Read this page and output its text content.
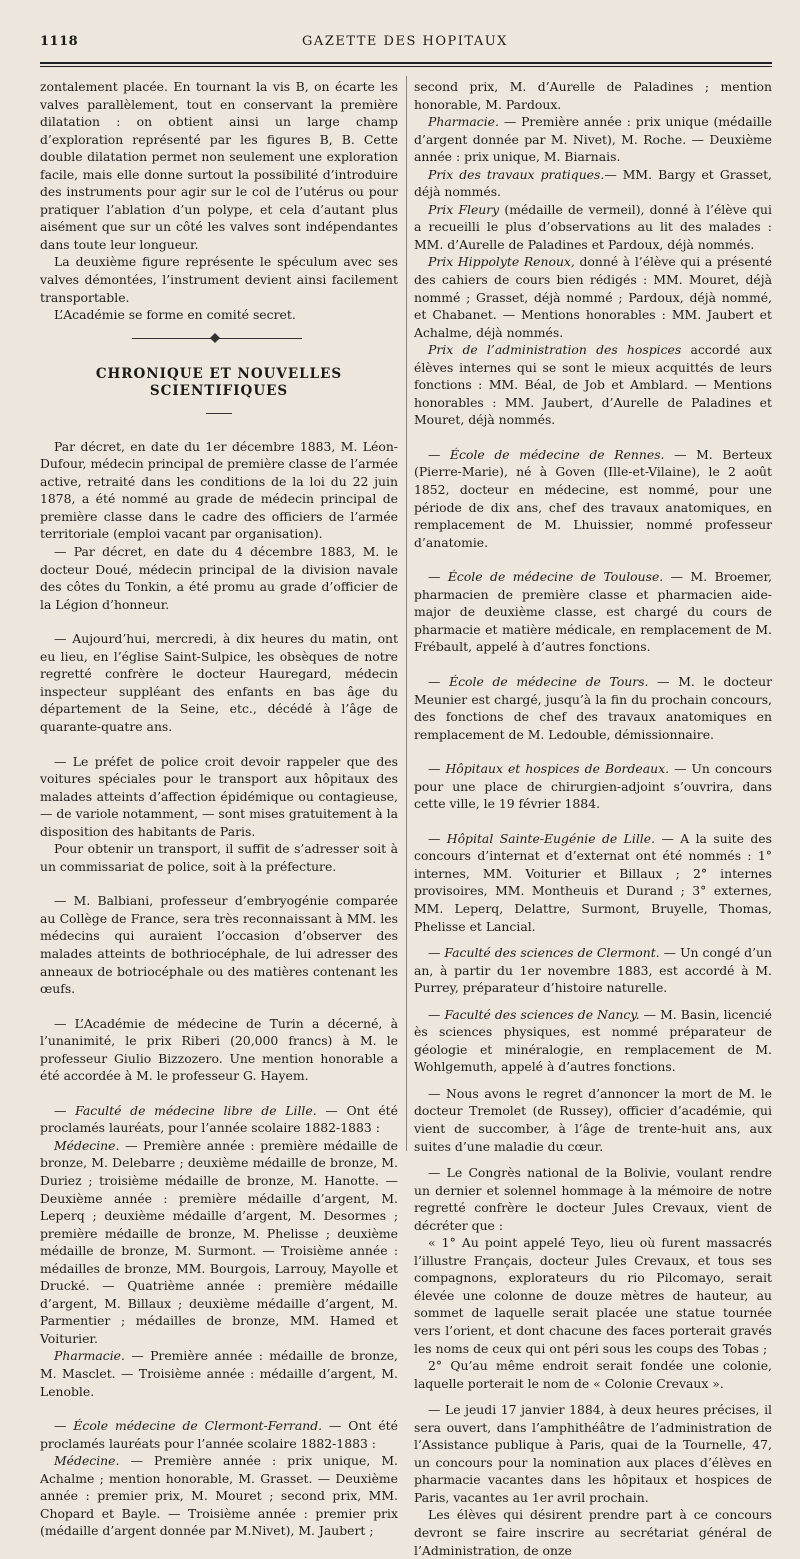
1118	GAZETTE DES HOPITAUX

zontalement placée. En tournant la vis B, on écarte les valves parallèlement, tout en conservant la première dilatation : on obtient ainsi un large champ d’exploration représenté par les figures B, B. Cette double dilatation permet non seulement une exploration facile, mais elle donne surtout la possibilité d’introduire des instruments pour agir sur le col de l’utérus ou pour pratiquer l’ablation d’un polype, et cela d’autant plus aisément que sur un côté les valves sont indépendantes dans toute leur longueur.

La deuxième figure représente le spéculum avec ses valves démontées, l’instrument devient ainsi facilement transportable.

L’Académie se forme en comité secret.

CHRONIQUE ET NOUVELLES SCIENTIFIQUES

Par décret, en date du 1er décembre 1883, M. Léon-Dufour, médecin principal de première classe de l’armée active, retraité dans les conditions de la loi du 22 juin 1878, a été nommé au grade de médecin principal de première classe dans le cadre des officiers de l’armée territoriale (emploi vacant par organisation).

— Par décret, en date du 4 décembre 1883, M. le docteur Doué, médecin principal de la division navale des côtes du Tonkin, a été promu au grade d’officier de la Légion d’honneur.

— Aujourd’hui, mercredi, à dix heures du matin, ont eu lieu, en l’église Saint-Sulpice, les obsèques de notre regretté confrère le docteur Hauregard, médecin inspecteur suppléant des enfants en bas âge du département de la Seine, etc., décédé à l’âge de quarante-quatre ans.

— Le préfet de police croit devoir rappeler que des voitures spéciales pour le transport aux hôpitaux des malades atteints d’affection épidémique ou contagieuse, — de variole notamment, — sont mises gratuitement à la disposition des habitants de Paris.

Pour obtenir un transport, il suffit de s’adresser soit à un commissariat de police, soit à la préfecture.

— M. Balbiani, professeur d’embryogénie comparée au Collège de France, sera très reconnaissant à MM. les médecins qui auraient l’occasion d’observer des malades atteints de bothriocéphale, de lui adresser des anneaux de botriocéphale ou des matières contenant les œufs.

— L’Académie de médecine de Turin a décerné, à l’unanimité, le prix Riberi (20,000 francs) à M. le professeur Giulio Bizzozero. Une mention honorable a été accordée à M. le professeur G. Hayem.

— Faculté de médecine libre de Lille. — Ont été proclamés lauréats, pour l’année scolaire 1882-1883 :

Médecine. — Première année : première médaille de bronze, M. Delebarre ; deuxième médaille de bronze, M. Duriez ; troisième médaille de bronze, M. Hanotte. — Deuxième année : première médaille d’argent, M. Leperq ; deuxième médaille d’argent, M. Desormes ; première médaille de bronze, M. Phelisse ; deuxième médaille de bronze, M. Surmont. — Troisième année : médailles de bronze, MM. Bourgois, Larrouy, Mayolle et Drucké. — Quatrième année : première médaille d’argent, M. Billaux ; deuxième médaille d’argent, M. Parmentier ; médailles de bronze, MM. Hamed et Voiturier.

Pharmacie. — Première année : médaille de bronze, M. Masclet. — Troisième année : médaille d’argent, M. Lenoble.

— École médecine de Clermont-Ferrand. — Ont été proclamés lauréats pour l’année scolaire 1882-1883 :

Médecine. — Première année : prix unique, M. Achalme ; mention honorable, M. Grasset. — Deuxième année : premier prix, M. Mouret ; second prix, MM. Chopard et Bayle. — Troisième année : premier prix (médaille d’argent donnée par M.Nivet), M. Jaubert ;

second prix, M. d’Aurelle de Paladines ; mention honorable, M. Pardoux.

Pharmacie. — Première année : prix unique (médaille d’argent donnée par M. Nivet), M. Roche. — Deuxième année : prix unique, M. Biarnais.

Prix des travaux pratiques.— MM. Bargy et Grasset, déjà nommés.

Prix Fleury (médaille de vermeil), donné à l’élève qui a recueilli le plus d’observations au lit des malades : MM. d’Aurelle de Paladines et Pardoux, déjà nommés.

Prix Hippolyte Renoux, donné à l’élève qui a présenté des cahiers de cours bien rédigés : MM. Mouret, déjà nommé ; Grasset, déjà nommé ; Pardoux, déjà nommé, et Chabanet. — Mentions honorables : MM. Jaubert et Achalme, déjà nommés.

Prix de l’administration des hospices accordé aux élèves internes qui se sont le mieux acquittés de leurs fonctions : MM. Béal, de Job et Amblard. — Mentions honorables : MM. Jaubert, d’Aurelle de Paladines et Mouret, déjà nommés.

— École de médecine de Rennes. — M. Berteux (Pierre-Marie), né à Goven (Ille-et-Vilaine), le 2 août 1852, docteur en médecine, est nommé, pour une période de dix ans, chef des travaux anatomiques, en remplacement de M. Lhuissier, nommé professeur d’anatomie.

— École de médecine de Toulouse. — M. Broemer, pharmacien de première classe et pharmacien aide-major de deuxième classe, est chargé du cours de pharmacie et matière médicale, en remplacement de M. Frébault, appelé à d’autres fonctions.

— École de médecine de Tours. — M. le docteur Meunier est chargé, jusqu’à la fin du prochain concours, des fonctions de chef des travaux anatomiques en remplacement de M. Ledouble, démissionnaire.

— Hôpitaux et hospices de Bordeaux. — Un concours pour une place de chirurgien-adjoint s’ouvrira, dans cette ville, le 19 février 1884.

— Hôpital Sainte-Eugénie de Lille. — A la suite des concours d’internat et d’externat ont été nommés : 1° internes, MM. Voiturier et Billaux ; 2° internes provisoires, MM. Montheuis et Durand ; 3° externes, MM. Leperq, Delattre, Surmont, Bruyelle, Thomas, Phelisse et Lancial.

— Faculté des sciences de Clermont. — Un congé d’un an, à partir du 1er novembre 1883, est accordé à M. Purrey, préparateur d’histoire naturelle.

— Faculté des sciences de Nancy. — M. Basin, licencié ès sciences physiques, est nommé préparateur de géologie et minéralogie, en remplacement de M. Wohlgemuth, appelé à d’autres fonctions.

— Nous avons le regret d’annoncer la mort de M. le docteur Tremolet (de Russey), officier d’académie, qui vient de succomber, à l’âge de trente-huit ans, aux suites d’une maladie du cœur.

— Le Congrès national de la Bolivie, voulant rendre un dernier et solennel hommage à la mémoire de notre regretté confrère le docteur Jules Crevaux, vient de décréter que :

« 1° Au point appelé Teyo, lieu où furent massacrés l’illustre Français, docteur Jules Crevaux, et tous ses compagnons, explorateurs du rio Pilcomayo, serait élevée une colonne de douze mètres de hauteur, au sommet de laquelle serait placée une statue tournée vers l’orient, et dont chacune des faces porterait gravés les noms de ceux qui ont péri sous les coups des Tobas ;

2° Qu’au même endroit serait fondée une colonie, laquelle porterait le nom de « Colonie Crevaux ».

— Le jeudi 17 janvier 1884, à deux heures précises, il sera ouvert, dans l’amphithéâtre de l’administration de l’Assistance publique à Paris, quai de la Tournelle, 47, un concours pour la nomination aux places d’élèves en pharmacie vacantes dans les hôpitaux et hospices de Paris, vacantes au 1er avril prochain.

Les élèves qui désirent prendre part à ce concours devront se faire inscrire au secrétariat général de l’Administration, de onze
